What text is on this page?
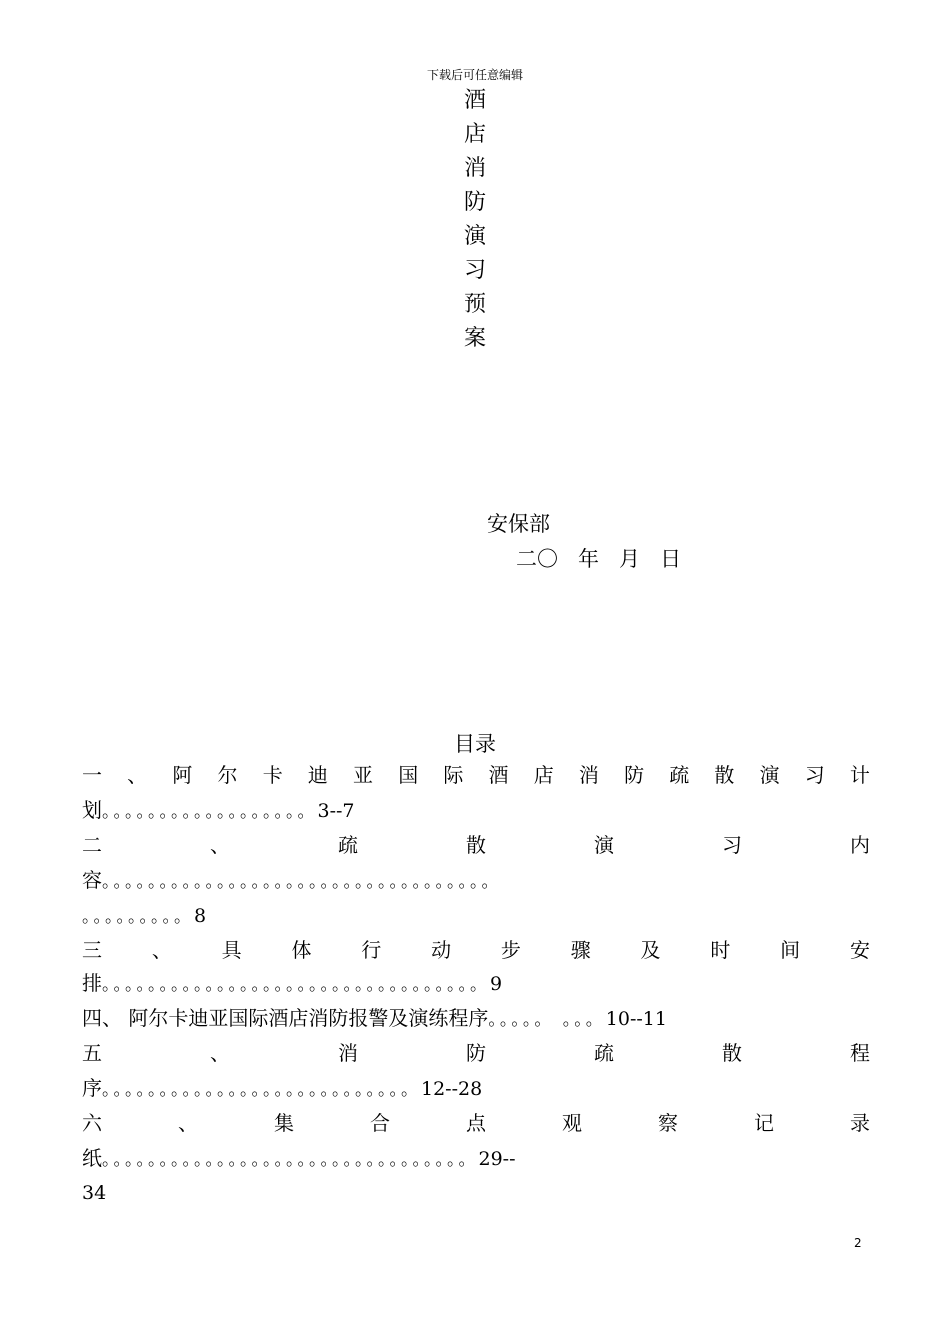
下载后可任意编辑
酒
店
消
防
演
习
预
案
安保部
二〇   年   月   日
目录
一 、 阿 尔 卡 迪 亚 国 际 酒 店 消 防 疏 散 演 习 计
划。。。。。。。。。。。。。。。。。。3--7
二	、	疏	散	演	习	内
容。。。。。。。。。。。。。。。。。。。。。。。。。。。。。。。。。。
。。。。。。。。。8
三 、 具 体 行 动 步 骤 及 时 间 安
排。。。。。。。。。。。。。。。。。。。。。。。。。。。。。。。。。9
四、 阿尔卡迪亚国际酒店消防报警及演练程序。。。。。 。。。10--11
五	、	消	防	疏	散	程
序。。。。。。。。。。。。。。。。。。。。。。。。。。。12--28
六	、	集	合	点	观	察	记	录
纸。。。。。。。。。。。。。。。。。。。。。。。。。。。。。。。。29--
34
2
